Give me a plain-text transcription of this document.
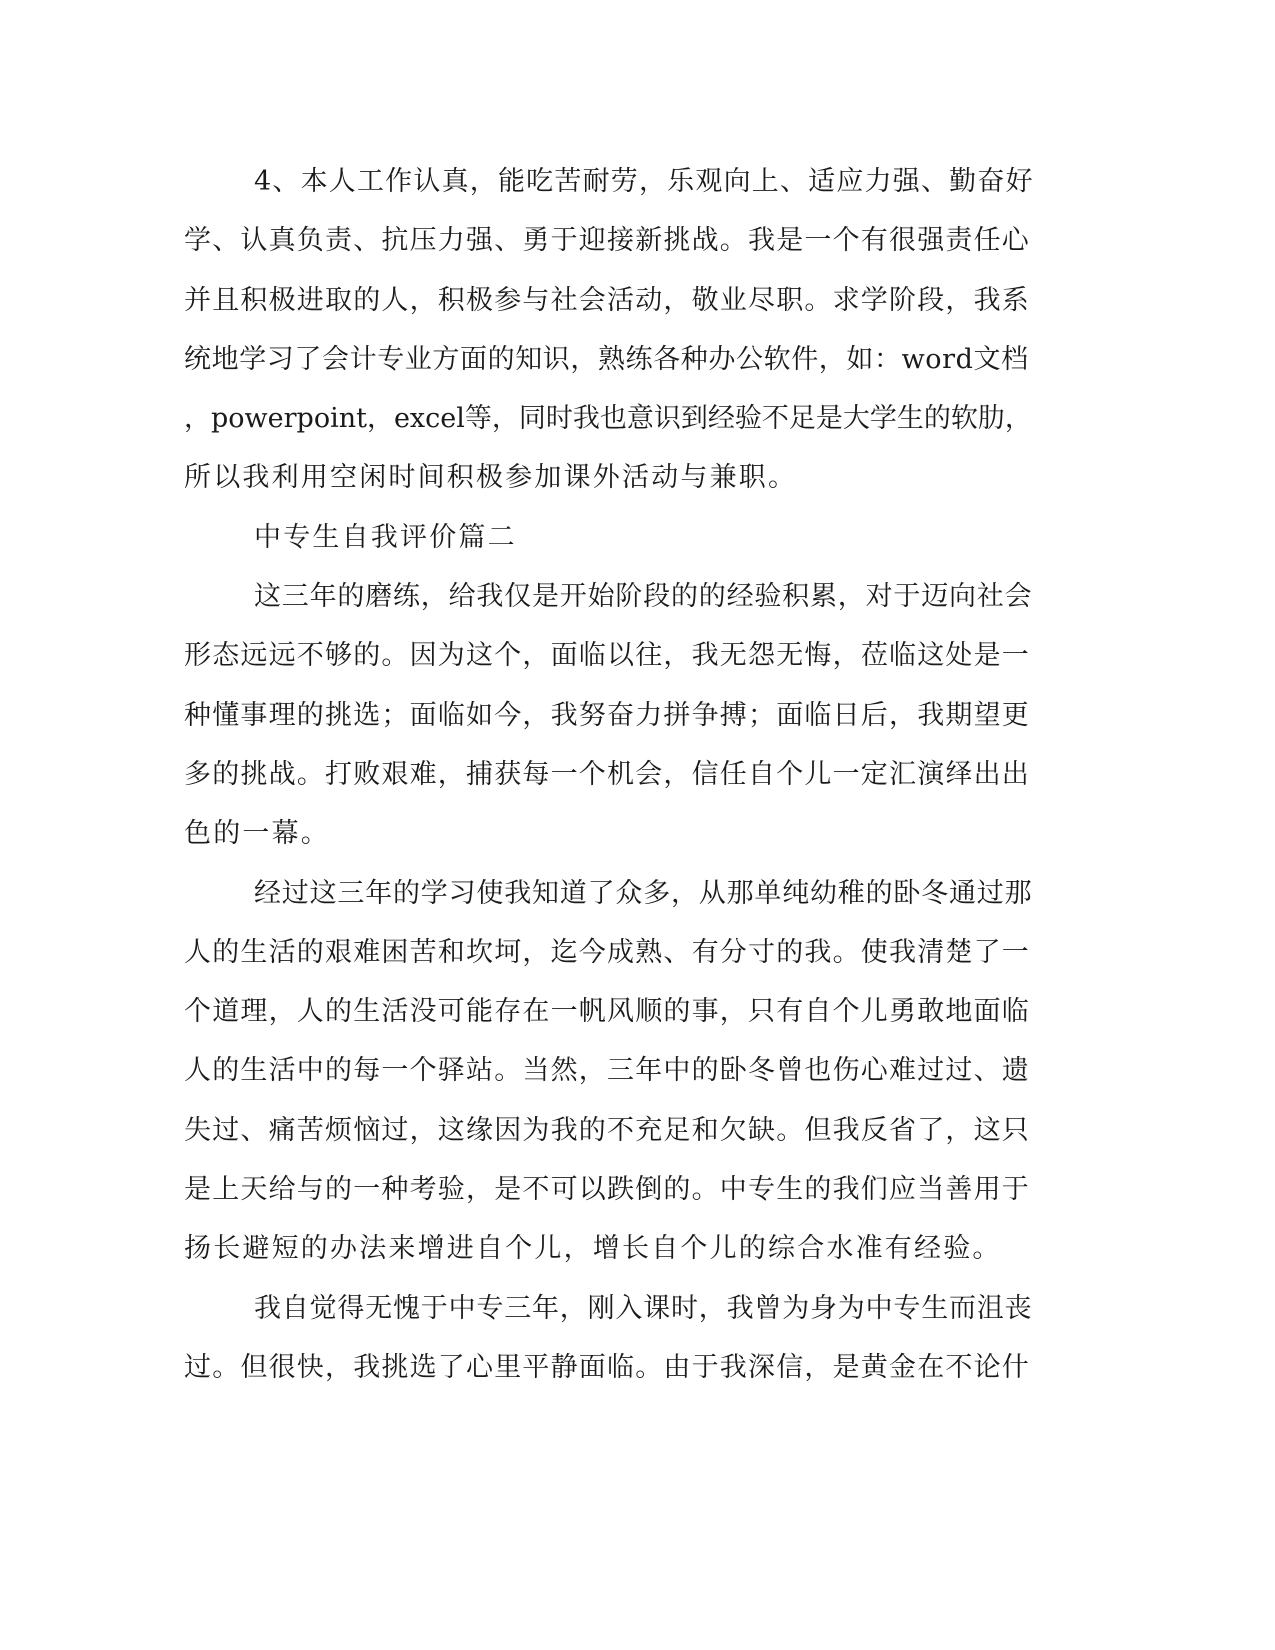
4、本人工作认真，能吃苦耐劳，乐观向上、适应力强、勤奋好
学、认真负责、抗压力强、勇于迎接新挑战。我是一个有很强责任心
并且积极进取的人，积极参与社会活动，敬业尽职。求学阶段，我系
统地学习了会计专业方面的知识，熟练各种办公软件，如：word文档
，powerpoint，excel等，同时我也意识到经验不足是大学生的软肋，
所以我利用空闲时间积极参加课外活动与兼职。
中专生自我评价篇二
这三年的磨练，给我仅是开始阶段的的经验积累，对于迈向社会
形态远远不够的。因为这个，面临以往，我无怨无悔，莅临这处是一
种懂事理的挑选；面临如今，我努奋力拼争搏；面临日后，我期望更
多的挑战。打败艰难，捕获每一个机会，信任自个儿一定汇演绎出出
色的一幕。
经过这三年的学习使我知道了众多，从那单纯幼稚的卧冬通过那
人的生活的艰难困苦和坎坷，迄今成熟、有分寸的我。使我清楚了一
个道理，人的生活没可能存在一帆风顺的事，只有自个儿勇敢地面临
人的生活中的每一个驿站。当然，三年中的卧冬曾也伤心难过过、遗
失过、痛苦烦恼过，这缘因为我的不充足和欠缺。但我反省了，这只
是上天给与的一种考验，是不可以跌倒的。中专生的我们应当善用于
扬长避短的办法来增进自个儿，增长自个儿的综合水准有经验。
我自觉得无愧于中专三年，刚入课时，我曾为身为中专生而沮丧
过。但很快，我挑选了心里平静面临。由于我深信，是黄金在不论什
